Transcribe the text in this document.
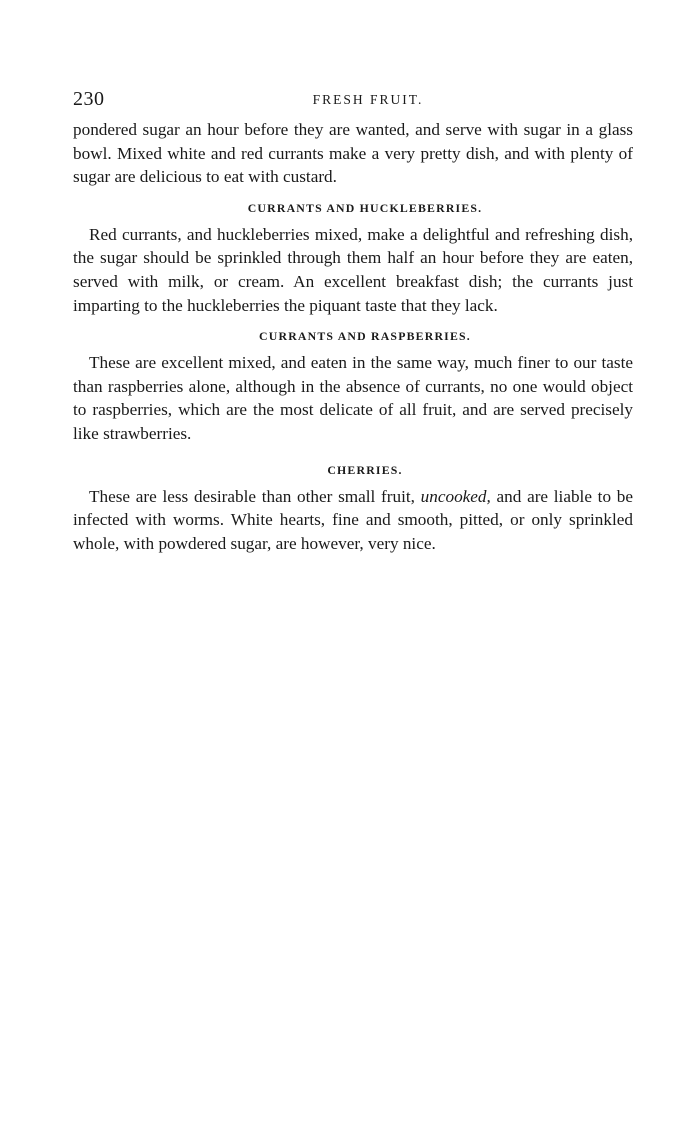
230	FRESH FRUIT.

pondered sugar an hour before they are wanted, and serve with sugar in a glass bowl. Mixed white and red currants make a very pretty dish, and with plenty of sugar are delicious to eat with custard.

CURRANTS AND HUCKLEBERRIES.

Red currants, and huckleberries mixed, make a delightful and refreshing dish, the sugar should be sprinkled through them half an hour before they are eaten, served with milk, or cream. An excellent breakfast dish; the currants just imparting to the huckleberries the piquant taste that they lack.

CURRANTS AND RASPBERRIES.

These are excellent mixed, and eaten in the same way, much finer to our taste than raspberries alone, although in the absence of currants, no one would object to raspberries, which are the most delicate of all fruit, and are served precisely like strawberries.

CHERRIES.

These are less desirable than other small fruit, uncooked, and are liable to be infected with worms. White hearts, fine and smooth, pitted, or only sprinkled whole, with powdered sugar, are however, very nice.
